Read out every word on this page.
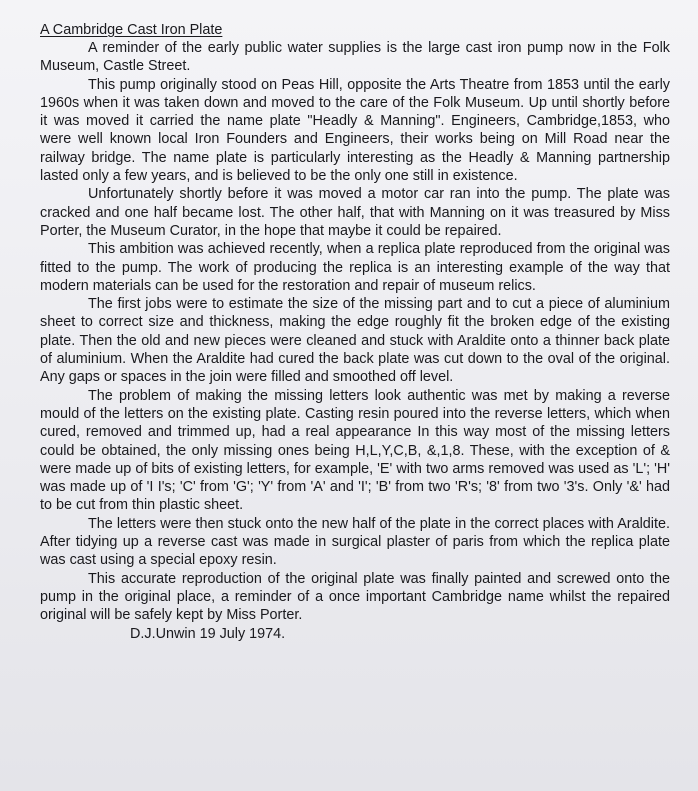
A Cambridge Cast Iron Plate

A reminder of the early public water supplies is the large cast iron pump now in the Folk Museum, Castle Street.

This pump originally stood on Peas Hill, opposite the Arts Theatre from 1853 until the early 1960s when it was taken down and moved to the care of the Folk Museum. Up until shortly before it was moved it carried the name plate "Headly & Manning". Engineers, Cambridge,1853, who were well known local Iron Founders and Engineers, their works being on Mill Road near the railway bridge. The name plate is particularly interesting as the Headly & Manning partnership lasted only a few years, and is believed to be the only one still in existence.

Unfortunately shortly before it was moved a motor car ran into the pump. The plate was cracked and one half became lost. The other half, that with Manning on it was treasured by Miss Porter, the Museum Curator, in the hope that maybe it could be repaired.

This ambition was achieved recently, when a replica plate reproduced from the original was fitted to the pump. The work of producing the replica is an interesting example of the way that modern materials can be used for the restoration and repair of museum relics.

The first jobs were to estimate the size of the missing part and to cut a piece of aluminium sheet to correct size and thickness, making the edge roughly fit the broken edge of the existing plate. Then the old and new pieces were cleaned and stuck with Araldite onto a thinner back plate of aluminium. When the Araldite had cured the back plate was cut down to the oval of the original. Any gaps or spaces in the join were filled and smoothed off level.

The problem of making the missing letters look authentic was met by making a reverse mould of the letters on the existing plate. Casting resin poured into the reverse letters, which when cured, removed and trimmed up, had a real appearance In this way most of the missing letters could be obtained, the only missing ones being H,L,Y,C,B, &,1,8. These, with the exception of & were made up of bits of existing letters, for example, 'E' with two arms removed was used as 'L'; 'H' was made up of 'I I's; 'C' from 'G'; 'Y' from 'A' and 'I'; 'B' from two 'R's; '8' from two '3's. Only '&' had to be cut from thin plastic sheet.

The letters were then stuck onto the new half of the plate in the correct places with Araldite. After tidying up a reverse cast was made in surgical plaster of paris from which the replica plate was cast using a special epoxy resin.

This accurate reproduction of the original plate was finally painted and screwed onto the pump in the original place, a reminder of a once important Cambridge name whilst the repaired original will be safely kept by Miss Porter.

D.J.Unwin 19 July 1974.
